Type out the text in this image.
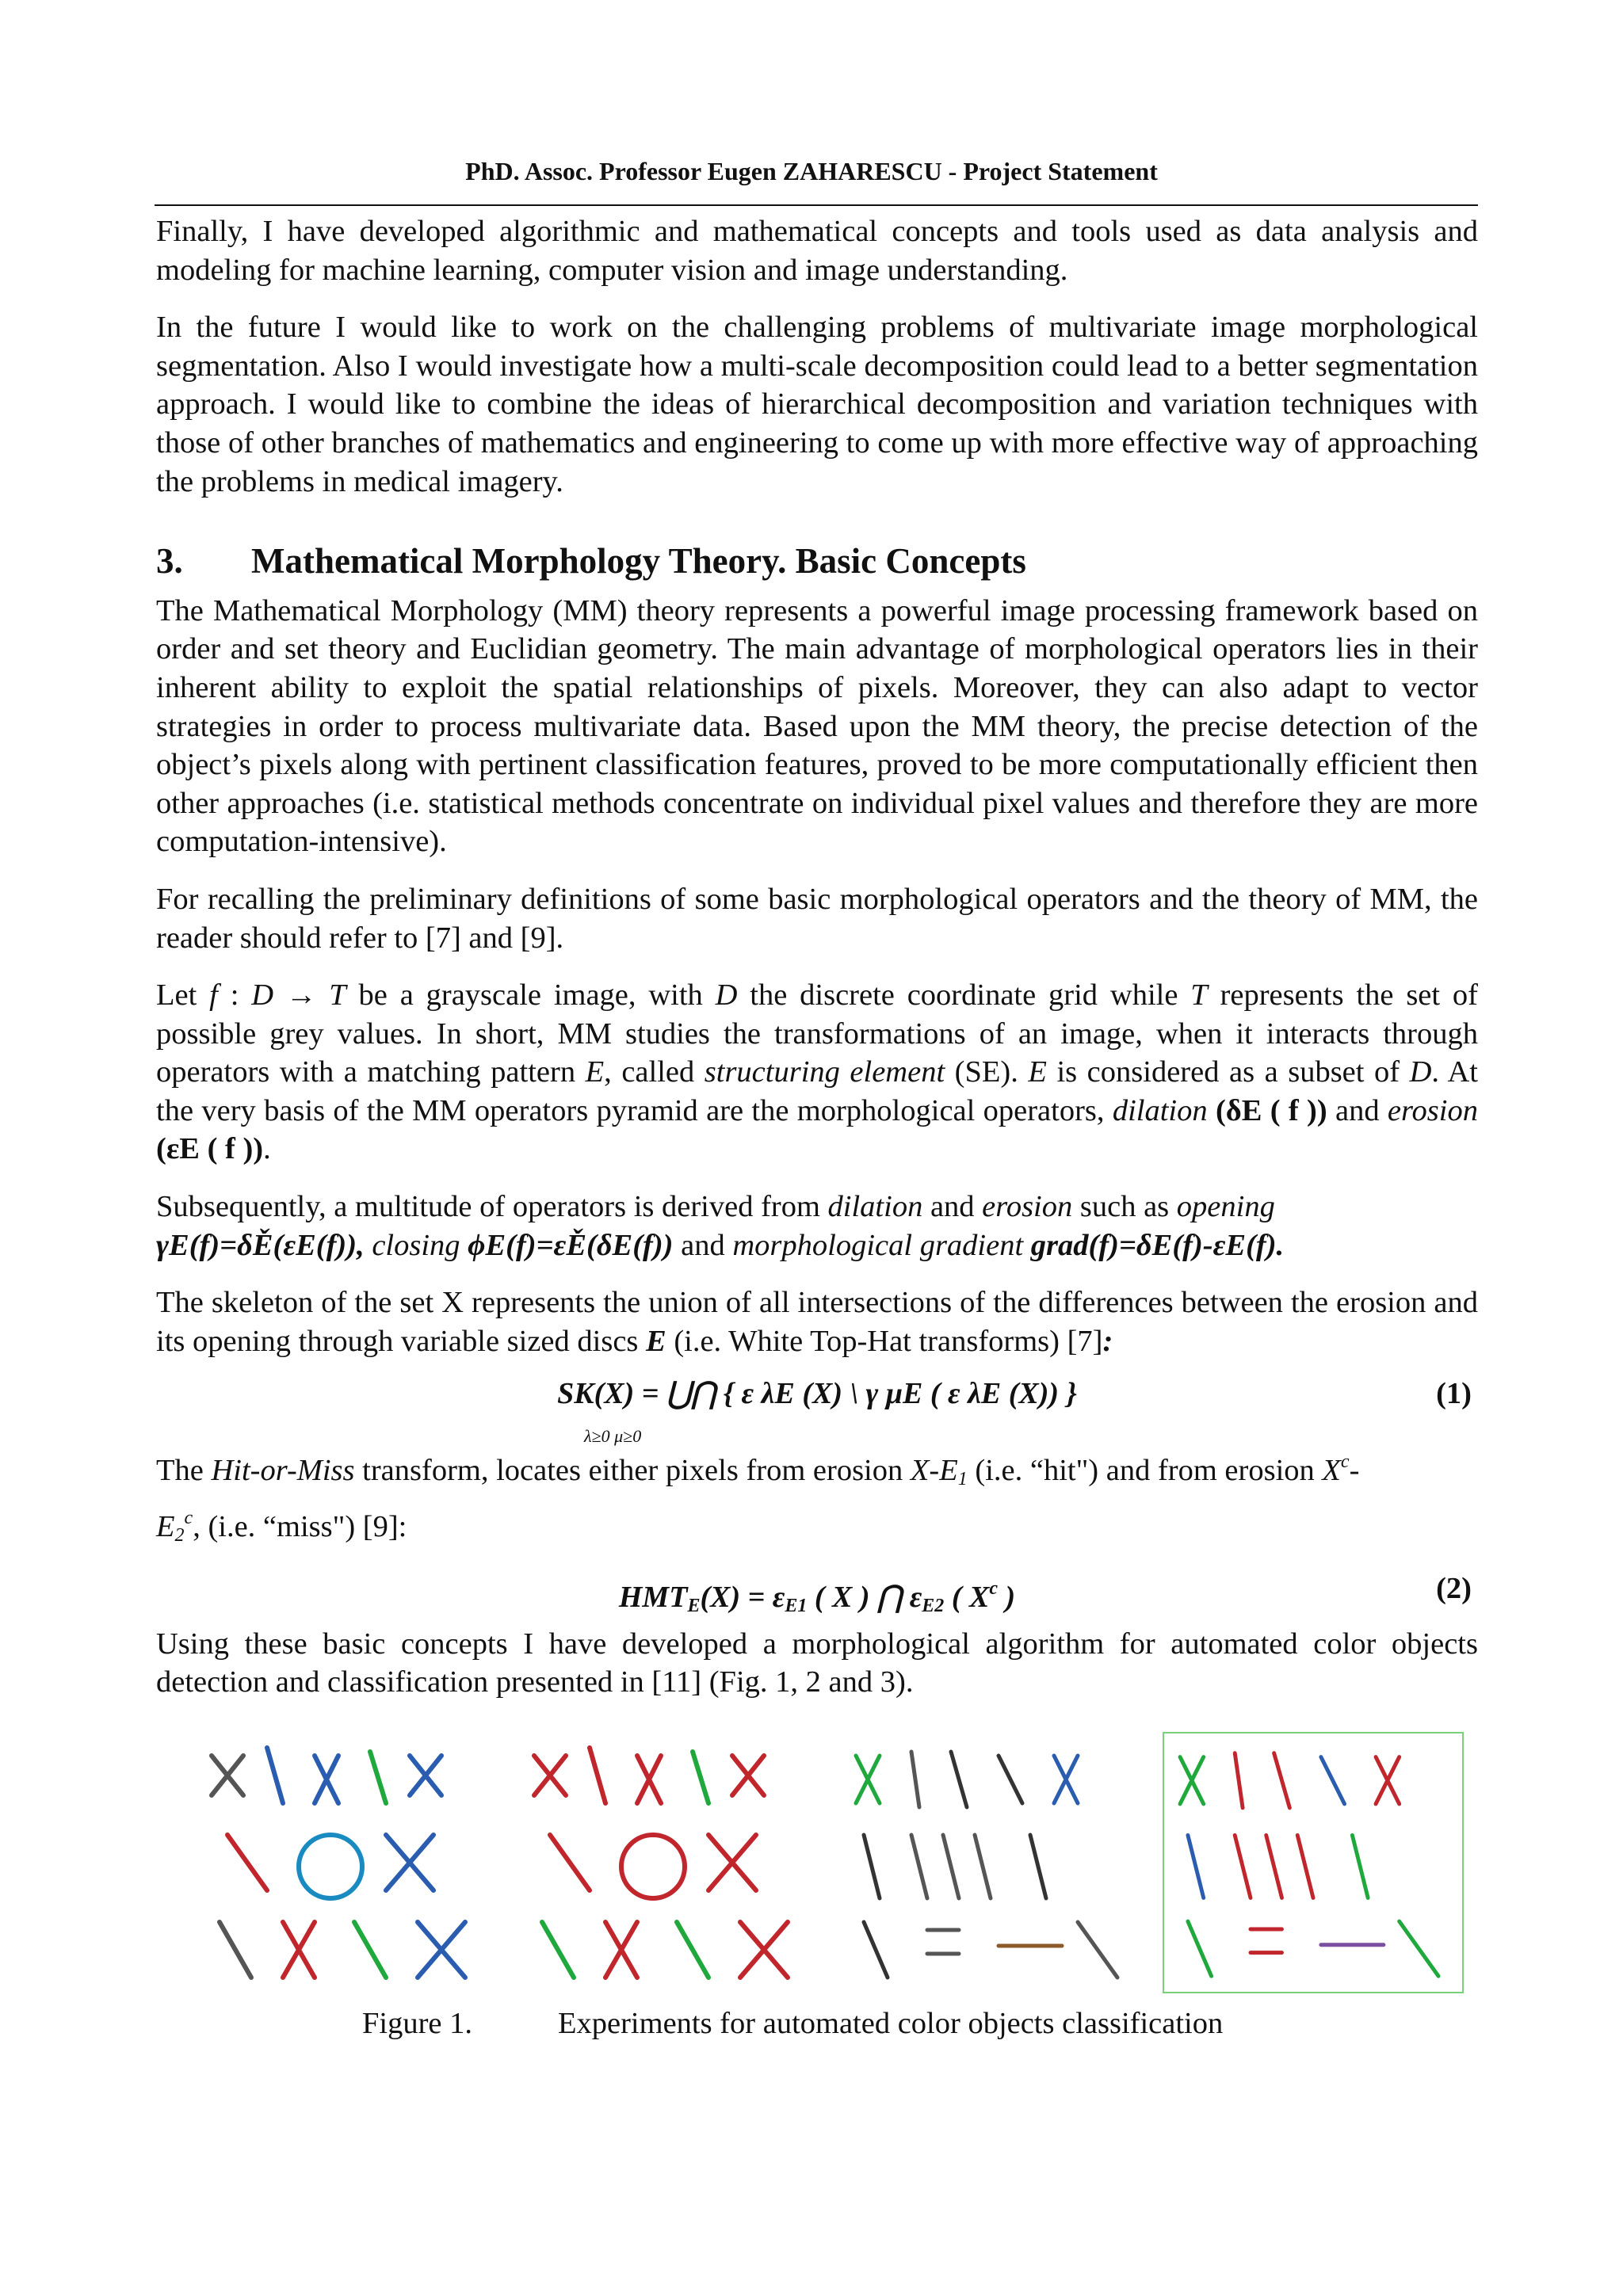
PhD. Assoc. Professor Eugen ZAHARESCU - Project Statement

Finally, I have developed algorithmic and mathematical concepts and tools used as data analysis and modeling for machine learning, computer vision and image understanding.

In the future I would like to work on the challenging problems of multivariate image morphological segmentation. Also I would investigate how a multi-scale decomposition could lead to a better segmentation approach. I would like to combine the ideas of hierarchical decomposition and variation techniques with those of other branches of mathematics and engineering to come up with more effective way of approaching the problems in medical imagery.

3.	Mathematical Morphology Theory. Basic Concepts

The Mathematical Morphology (MM) theory represents a powerful image processing framework based on order and set theory and Euclidian geometry. The main advantage of morphological operators lies in their inherent ability to exploit the spatial relationships of pixels. Moreover, they can also adapt to vector strategies in order to process multivariate data. Based upon the MM theory, the precise detection of the object’s pixels along with pertinent classification features, proved to be more computationally efficient then other approaches (i.e. statistical methods concentrate on individual pixel values and therefore they are more computation-intensive).

For recalling the preliminary definitions of some basic morphological operators and the theory of MM, the reader should refer to [7] and [9].

Let f : D → T be a grayscale image, with D the discrete coordinate grid while T represents the set of possible grey values. In short, MM studies the transformations of an image, when it interacts through operators with a matching pattern E, called structuring element (SE). E is considered as a subset of D. At the very basis of the MM operators pyramid are the morphological operators, dilation (δE ( f )) and erosion (εE ( f )).

Subsequently, a multitude of operators is derived from dilation and erosion such as opening
γE(f)=δĚ(εE(f)), closing ϕE(f)=εĚ(δE(f)) and morphological gradient grad(f)=δE(f)-εE(f).

The skeleton of the set X represents the union of all intersections of the differences between the erosion and its opening through variable sized discs E (i.e. White Top-Hat transforms) [7]:

SK(X) = ⋃⋂ { ε λE (X) \ γ μE ( ε λE (X)) }
λ≥0 μ≥0
(1)

The Hit-or-Miss transform, locates either pixels from erosion $X-E_1$ (i.e. “hit") and from erosion $X^c-$
$E_2^c$, (i.e. “miss") [9]:

$HMT_E(X) = \varepsilon_{E1}$ ( X ) ⋂ $\varepsilon_{E2}$ ( $X^c$ )	(2)

Using these basic concepts I have developed a morphological algorithm for automated color objects detection and classification presented in [11] (Fig. 1, 2 and 3).

Figure 1.	Experiments for automated color objects classification
